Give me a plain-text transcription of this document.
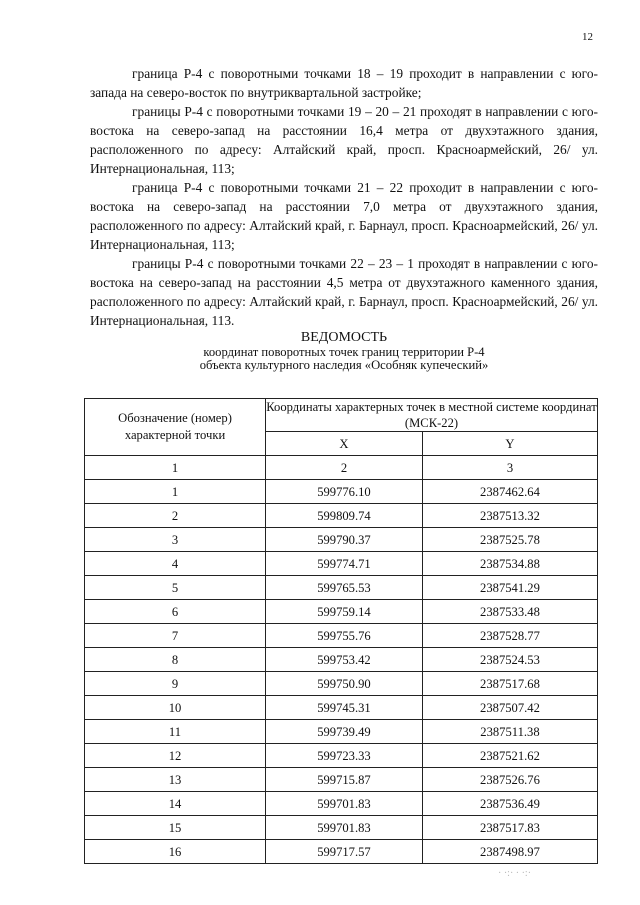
12

граница Р-4 с поворотными точками 18 – 19 проходит в направлении с юго-запада на северо-восток по внутриквартальной застройке;

границы Р-4 с поворотными точками 19 – 20 – 21 проходят в направлении с юго-востока на северо-запад на расстоянии 16,4 метра от двухэтажного здания, расположенного по адресу: Алтайский край, просп. Красноармейский, 26/ ул. Интернациональная, 113;

граница Р-4 с поворотными точками 21 – 22 проходит в направлении с юго-востока на северо-запад на расстоянии 7,0 метра от двухэтажного здания, расположенного по адресу: Алтайский край, г. Барнаул, просп. Красноармейский, 26/ ул. Интернациональная, 113;

границы Р-4 с поворотными точками 22 – 23 – 1 проходят в направлении с юго-востока на северо-запад на расстоянии 4,5 метра от двухэтажного каменного здания, расположенного по адресу: Алтайский край, г. Барнаул, просп. Красноармейский, 26/ ул. Интернациональная, 113.

ВЕДОМОСТЬ
координат поворотных точек границ территории Р-4
объекта культурного наследия «Особняк купеческий»
Обозначение (номер) характерной точки	Координаты характерных точек в местной системе координат (МСК-22)	
	X	Y
1	2	3
1	599776.10	2387462.64
2	599809.74	2387513.32
3	599790.37	2387525.78
4	599774.71	2387534.88
5	599765.53	2387541.29
6	599759.14	2387533.48
7	599755.76	2387528.77
8	599753.42	2387524.53
9	599750.90	2387517.68
10	599745.31	2387507.42
11	599739.49	2387511.38
12	599723.33	2387521.62
13	599715.87	2387526.76
14	599701.83	2387536.49
15	599701.83	2387517.83
16	599717.57	2387498.97
· ·:· · ·:·
